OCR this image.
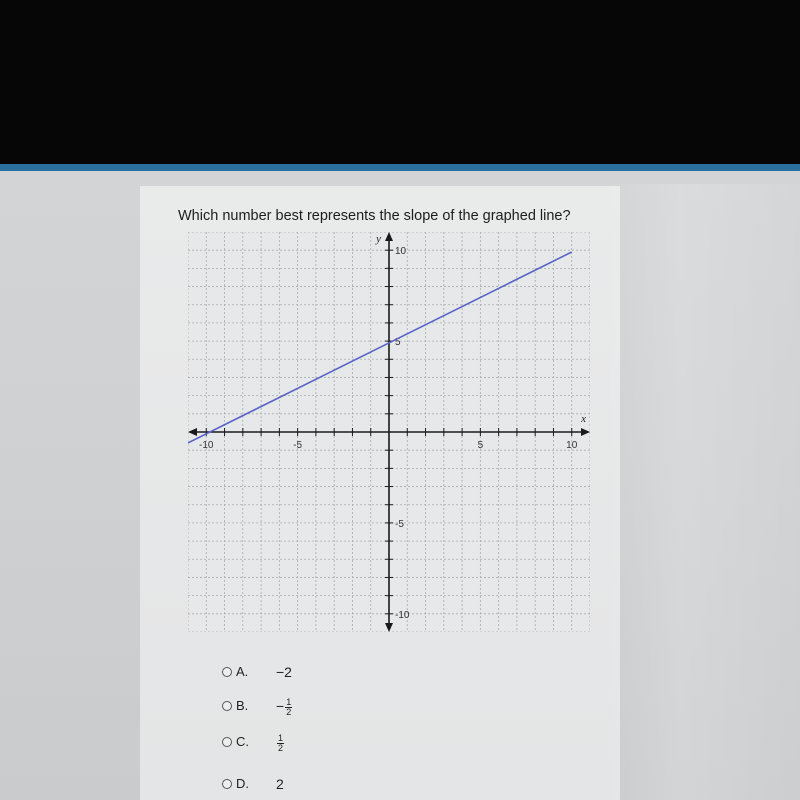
Which number best represents the slope of the graphed line?
-10	-5	5	10
10
5
-5
-10
x
y
A. −2
B. − $\frac{1}{2}$
C.	$\frac{1}{2}$
D. 2
